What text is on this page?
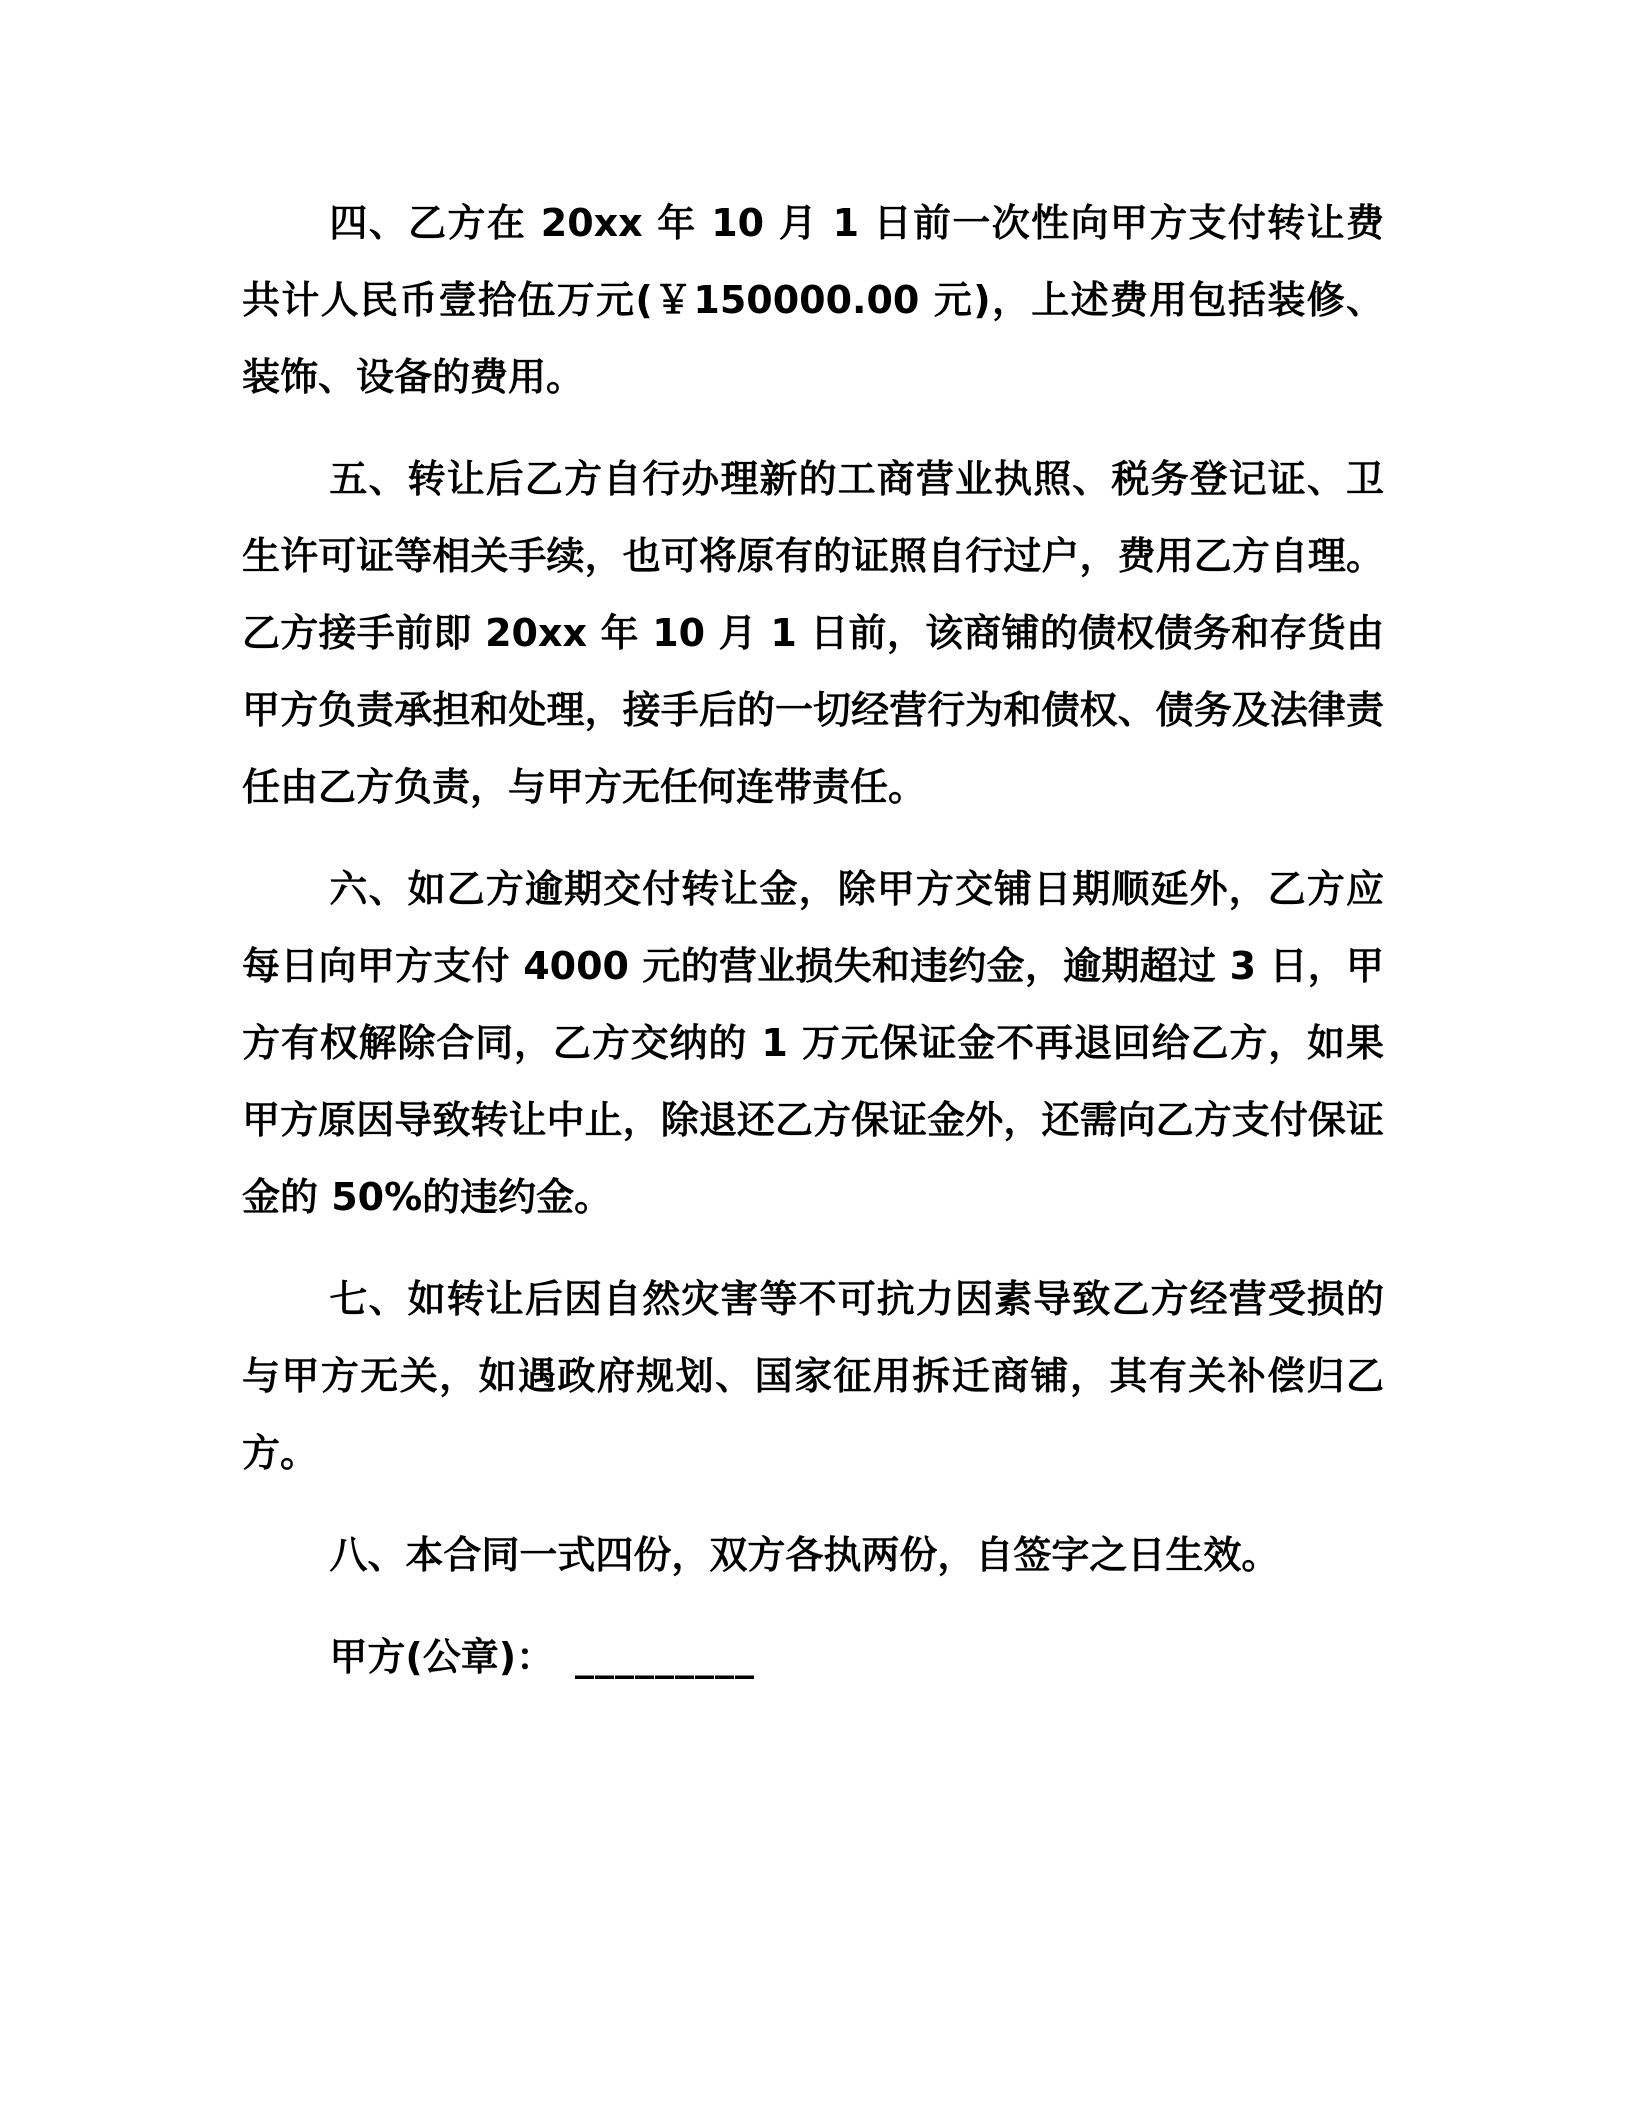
四、乙方在 20xx 年 10 月 1 日前一次性向甲方支付转让费共计人民币壹拾伍万元(￥150000.00 元)，上述费用包括装修、装饰、设备的费用。

五、转让后乙方自行办理新的工商营业执照、税务登记证、卫生许可证等相关手续，也可将原有的证照自行过户，费用乙方自理。乙方接手前即 20xx 年 10 月 1 日前，该商铺的债权债务和存货由甲方负责承担和处理，接手后的一切经营行为和债权、债务及法律责任由乙方负责，与甲方无任何连带责任。

六、如乙方逾期交付转让金，除甲方交铺日期顺延外，乙方应每日向甲方支付 4000 元的营业损失和违约金，逾期超过 3 日，甲方有权解除合同，乙方交纳的 1 万元保证金不再退回给乙方，如果甲方原因导致转让中止，除退还乙方保证金外，还需向乙方支付保证金的 50%的违约金。

七、如转让后因自然灾害等不可抗力因素导致乙方经营受损的与甲方无关，如遇政府规划、国家征用拆迁商铺，其有关补偿归乙方。

八、本合同一式四份，双方各执两份，自签字之日生效。

甲方(公章)： _________
